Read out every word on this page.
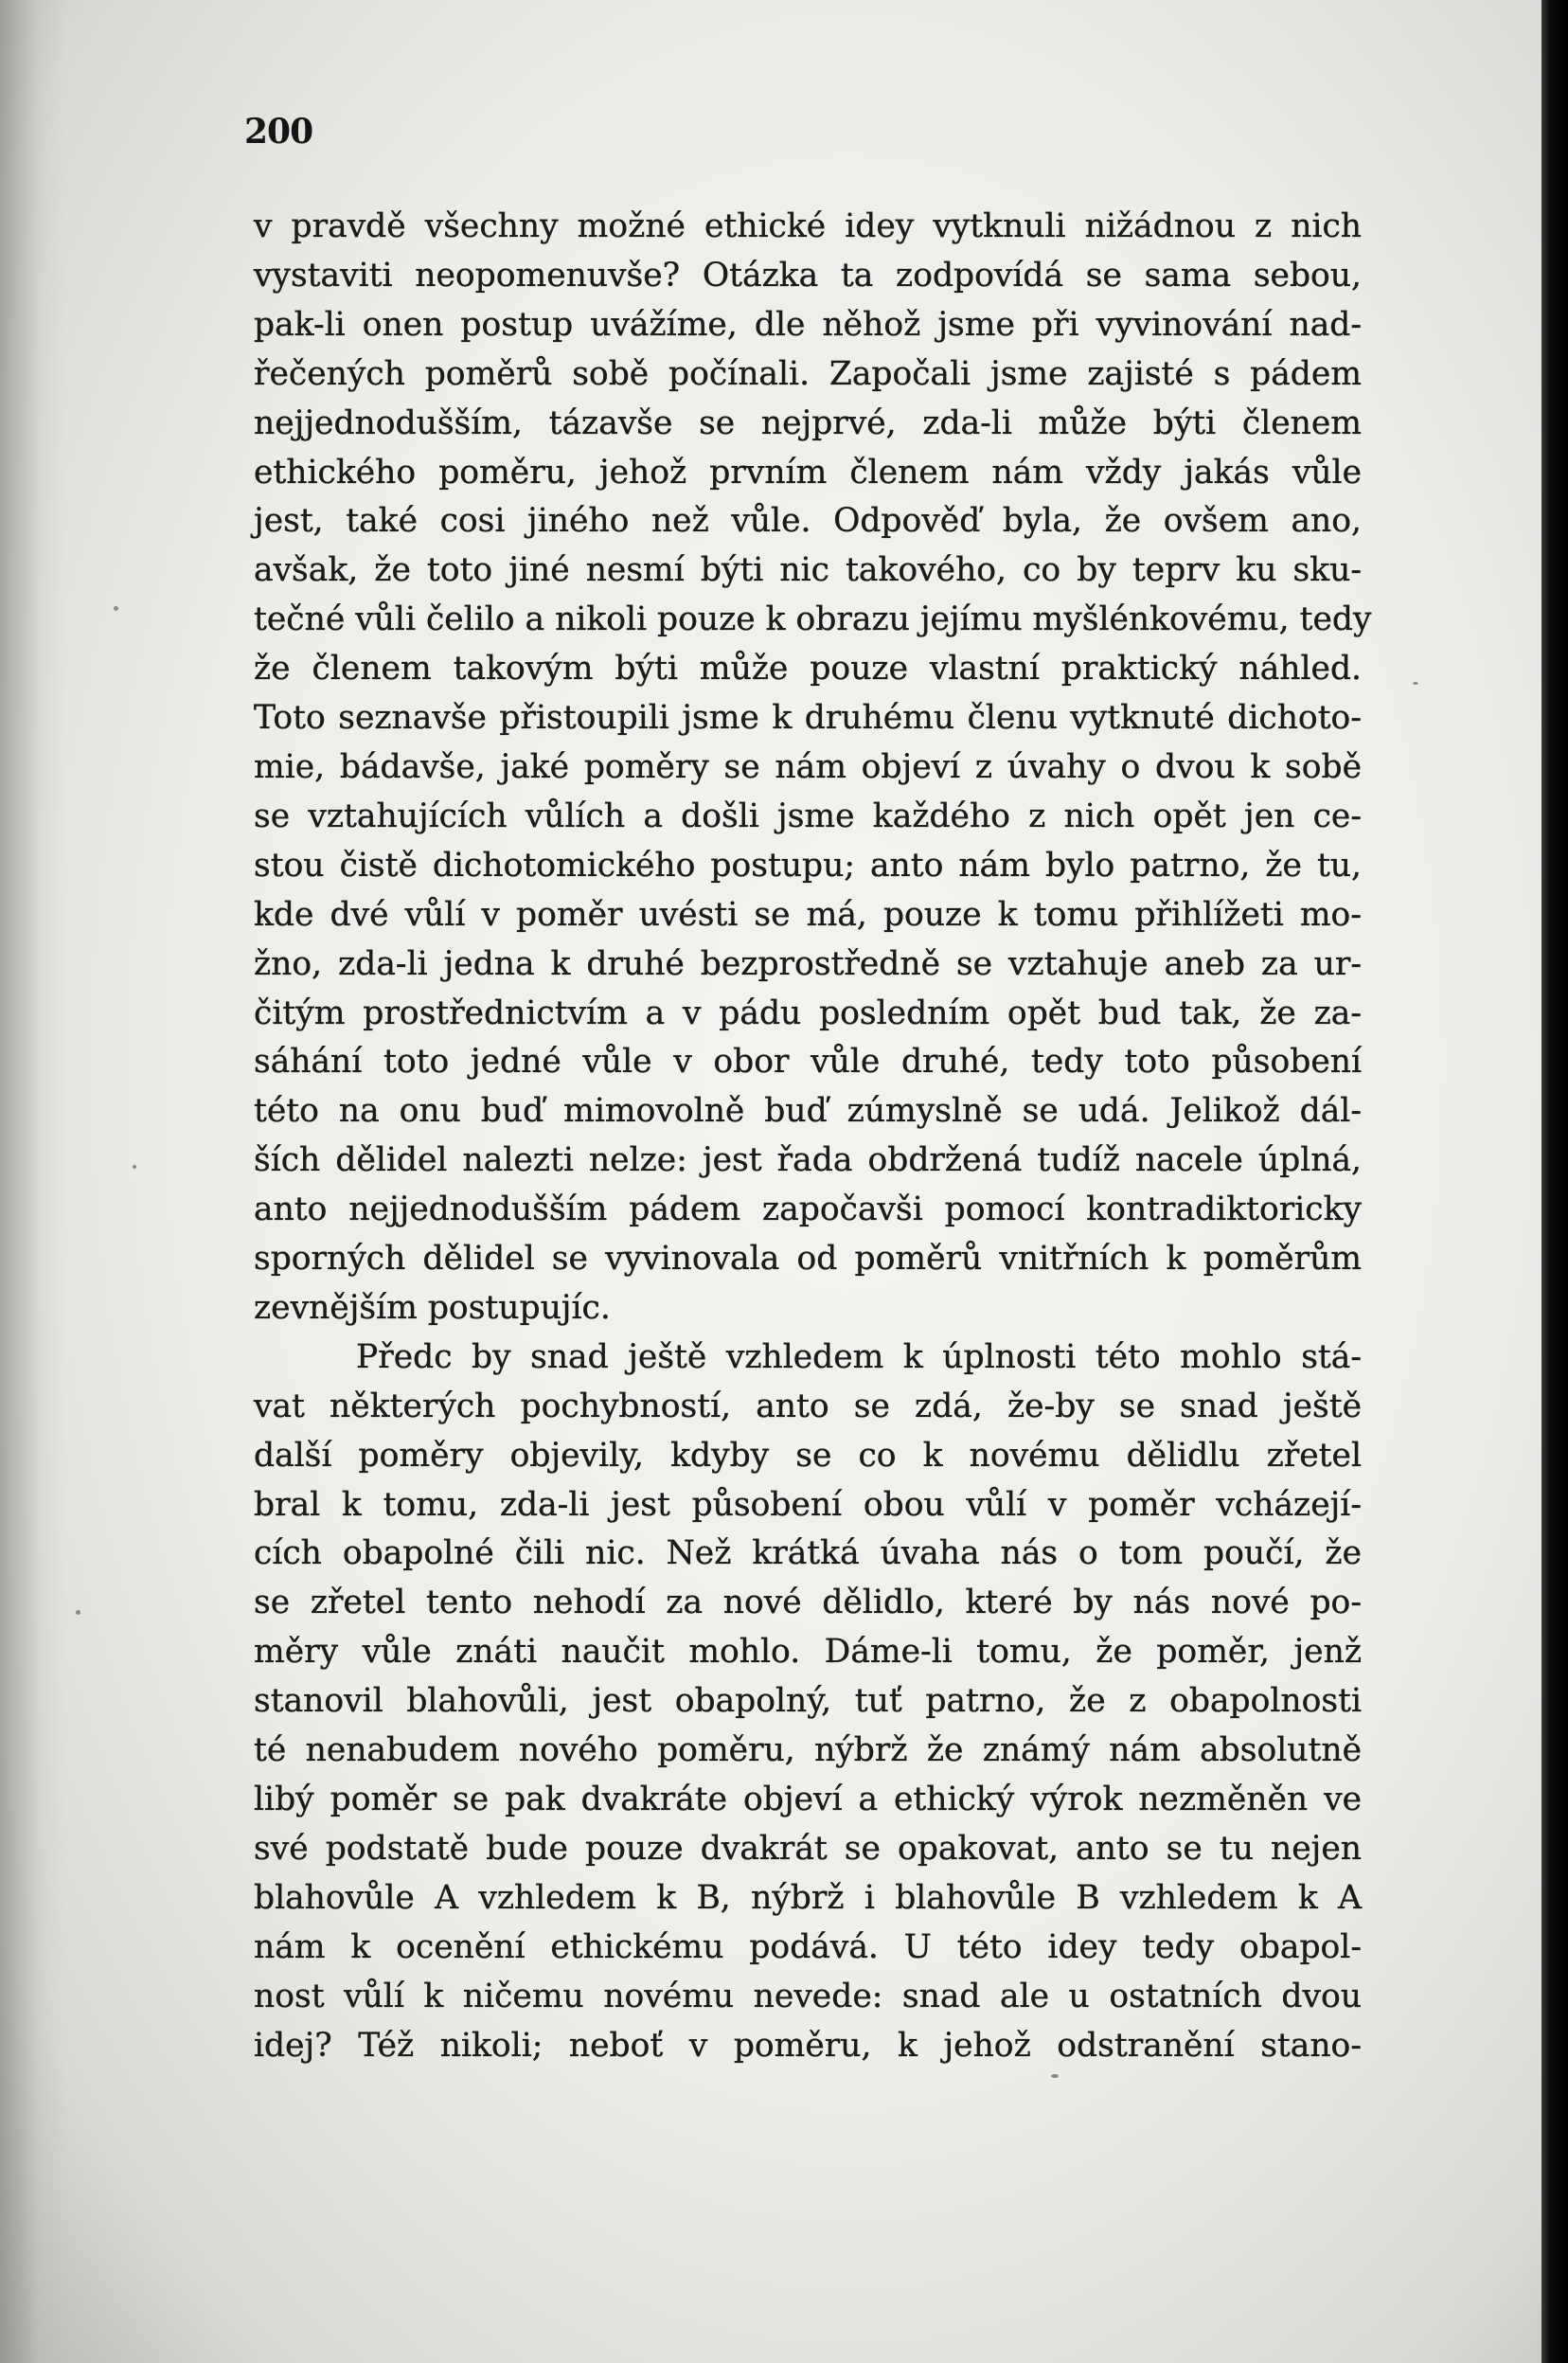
200
v pravdě všechny možné ethické idey vytknuli nižádnou z nich
vystaviti neopomenuvše? Otázka ta zodpovídá se sama sebou,
pak-li onen postup uvážíme, dle něhož jsme při vyvinování nad-
řečených poměrů sobě počínali. Započali jsme zajisté s pádem
nejjednodušším, tázavše se nejprvé, zda-li může býti členem
ethického poměru, jehož prvním členem nám vždy jakás vůle
jest, také cosi jiného než vůle. Odpověď byla, že ovšem ano,
avšak, že toto jiné nesmí býti nic takového, co by teprv ku sku-
tečné vůli čelilo a nikoli pouze k obrazu jejímu myšlénkovému, tedy
že členem takovým býti může pouze vlastní praktický náhled.
Toto seznavše přistoupili jsme k druhému členu vytknuté dichoto-
mie, bádavše, jaké poměry se nám objeví z úvahy o dvou k sobě
se vztahujících vůlích a došli jsme každého z nich opět jen ce-
stou čistě dichotomického postupu; anto nám bylo patrno, že tu,
kde dvé vůlí v poměr uvésti se má, pouze k tomu přihlížeti mo-
žno, zda-li jedna k druhé bezprostředně se vztahuje aneb za ur-
čitým prostřednictvím a v pádu posledním opět bud tak, že za-
sáhání toto jedné vůle v obor vůle druhé, tedy toto působení
této na onu buď mimovolně buď zúmyslně se udá. Jelikož dál-
ších dělidel nalezti nelze: jest řada obdržená tudíž nacele úplná,
anto nejjednodušším pádem započavši pomocí kontradiktoricky
sporných dělidel se vyvinovala od poměrů vnitřních k poměrům
zevnějším postupujíc.
Předc by snad ještě vzhledem k úplnosti této mohlo stá-
vat některých pochybností, anto se zdá, že-by se snad ještě
další poměry objevily, kdyby se co k novému dělidlu zřetel
bral k tomu, zda-li jest působení obou vůlí v poměr vcházejí-
cích obapolné čili nic. Než krátká úvaha nás o tom poučí, že
se zřetel tento nehodí za nové dělidlo, které by nás nové po-
měry vůle znáti naučit mohlo. Dáme-li tomu, že poměr, jenž
stanovil blahovůli, jest obapolný, tuť patrno, že z obapolnosti
té nenabudem nového poměru, nýbrž že známý nám absolutně
libý poměr se pak dvakráte objeví a ethický výrok nezměněn ve
své podstatě bude pouze dvakrát se opakovat, anto se tu nejen
blahovůle A vzhledem k B, nýbrž i blahovůle B vzhledem k A
nám k ocenění ethickému podává. U této idey tedy obapol-
nost vůlí k ničemu novému nevede: snad ale u ostatních dvou
idej? Též nikoli; neboť v poměru, k jehož odstranění stano-
